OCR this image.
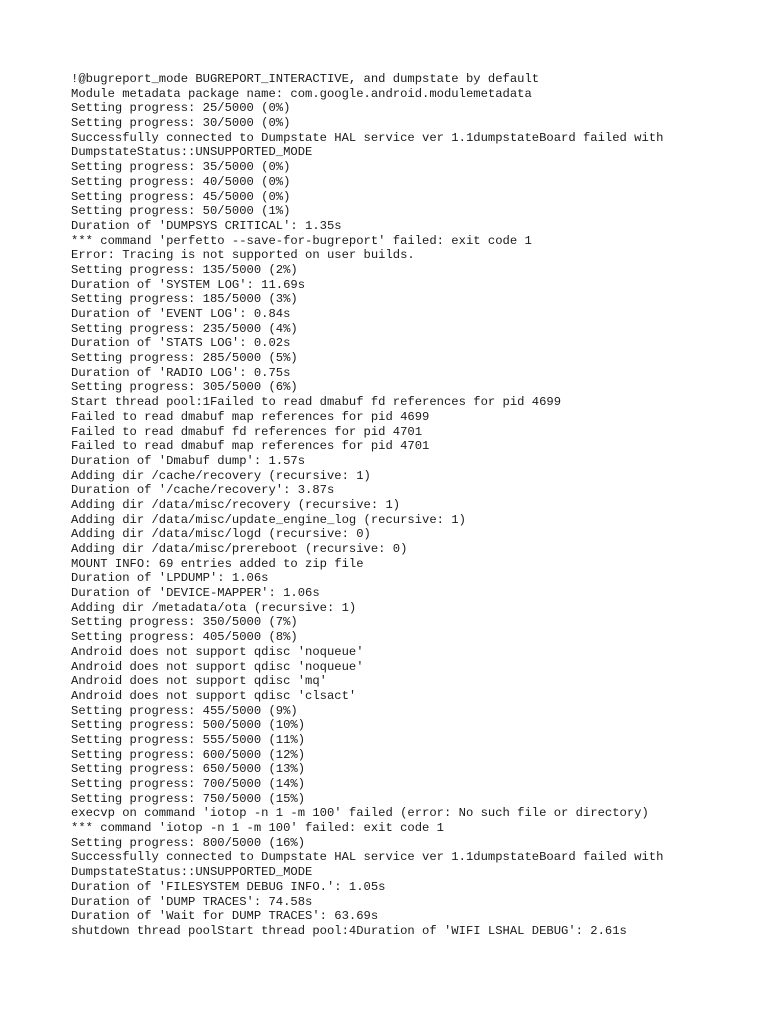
!@bugreport_mode BUGREPORT_INTERACTIVE, and dumpstate by default
Module metadata package name: com.google.android.modulemetadata
Setting progress: 25/5000 (0%)
Setting progress: 30/5000 (0%)
Successfully connected to Dumpstate HAL service ver 1.1dumpstateBoard failed with
DumpstateStatus::UNSUPPORTED_MODE
Setting progress: 35/5000 (0%)
Setting progress: 40/5000 (0%)
Setting progress: 45/5000 (0%)
Setting progress: 50/5000 (1%)
Duration of 'DUMPSYS CRITICAL': 1.35s
*** command 'perfetto --save-for-bugreport' failed: exit code 1
Error: Tracing is not supported on user builds.
Setting progress: 135/5000 (2%)
Duration of 'SYSTEM LOG': 11.69s
Setting progress: 185/5000 (3%)
Duration of 'EVENT LOG': 0.84s
Setting progress: 235/5000 (4%)
Duration of 'STATS LOG': 0.02s
Setting progress: 285/5000 (5%)
Duration of 'RADIO LOG': 0.75s
Setting progress: 305/5000 (6%)
Start thread pool:1Failed to read dmabuf fd references for pid 4699
Failed to read dmabuf map references for pid 4699
Failed to read dmabuf fd references for pid 4701
Failed to read dmabuf map references for pid 4701
Duration of 'Dmabuf dump': 1.57s
Adding dir /cache/recovery (recursive: 1)
Duration of '/cache/recovery': 3.87s
Adding dir /data/misc/recovery (recursive: 1)
Adding dir /data/misc/update_engine_log (recursive: 1)
Adding dir /data/misc/logd (recursive: 0)
Adding dir /data/misc/prereboot (recursive: 0)
MOUNT INFO: 69 entries added to zip file
Duration of 'LPDUMP': 1.06s
Duration of 'DEVICE-MAPPER': 1.06s
Adding dir /metadata/ota (recursive: 1)
Setting progress: 350/5000 (7%)
Setting progress: 405/5000 (8%)
Android does not support qdisc 'noqueue'
Android does not support qdisc 'noqueue'
Android does not support qdisc 'mq'
Android does not support qdisc 'clsact'
Setting progress: 455/5000 (9%)
Setting progress: 500/5000 (10%)
Setting progress: 555/5000 (11%)
Setting progress: 600/5000 (12%)
Setting progress: 650/5000 (13%)
Setting progress: 700/5000 (14%)
Setting progress: 750/5000 (15%)
execvp on command 'iotop -n 1 -m 100' failed (error: No such file or directory)
*** command 'iotop -n 1 -m 100' failed: exit code 1
Setting progress: 800/5000 (16%)
Successfully connected to Dumpstate HAL service ver 1.1dumpstateBoard failed with
DumpstateStatus::UNSUPPORTED_MODE
Duration of 'FILESYSTEM DEBUG INFO.': 1.05s
Duration of 'DUMP TRACES': 74.58s
Duration of 'Wait for DUMP TRACES': 63.69s
shutdown thread poolStart thread pool:4Duration of 'WIFI LSHAL DEBUG': 2.61s
